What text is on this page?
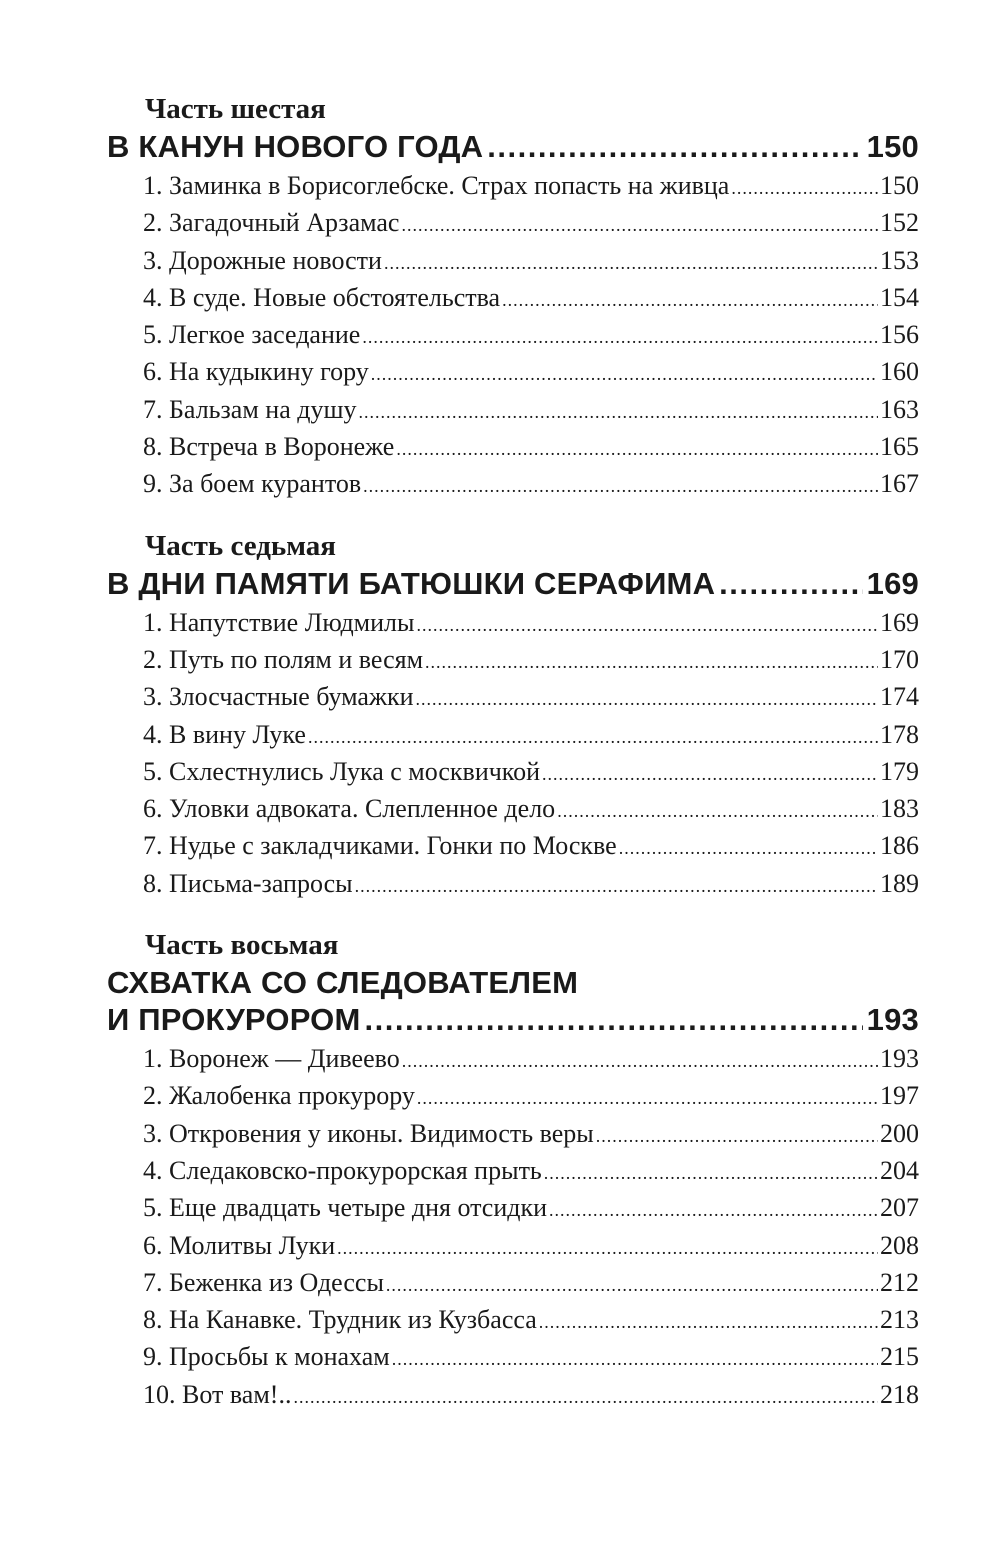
Часть шестая
В КАНУН НОВОГО ГОДА .....	150
1. Заминка в Борисоглебске. Страх попасть на живца .....	150
2. Загадочный Арзамас .....	152
3. Дорожные новости .....	153
4. В суде. Новые обстоятельства .....	154
5. Легкое заседание .....	156
6. На кудыкину гору .....	160
7. Бальзам на душу .....	163
8. Встреча в Воронеже .....	165
9. За боем курантов .....	167
Часть седьмая
В ДНИ ПАМЯТИ БАТЮШКИ СЕРАФИМА .....	169
1. Напутствие Людмилы .....	169
2. Путь по полям и весям .....	170
3. Злосчастные бумажки .....	174
4. В вину Луке .....	178
5. Схлестнулись Лука с москвичкой .....	179
6. Уловки адвоката. Слепленное дело .....	183
7. Нудье с закладчиками. Гонки по Москве .....	186
8. Письма-запросы .....	189
Часть восьмая
СХВАТКА СО СЛЕДОВАТЕЛЕМ
И ПРОКУРОРОМ .....	193
1. Воронеж — Дивеево .....	193
2. Жалобенка прокурору .....	197
3. Откровения у иконы. Видимость веры .....	200
4. Следаковско-прокурорская прыть .....	204
5. Еще двадцать четыре дня отсидки .....	207
6. Молитвы Луки .....	208
7. Беженка из Одессы .....	212
8. На Канавке. Трудник из Кузбасса .....	213
9. Просьбы к монахам .....	215
10. Вот вам!.. .....	218
